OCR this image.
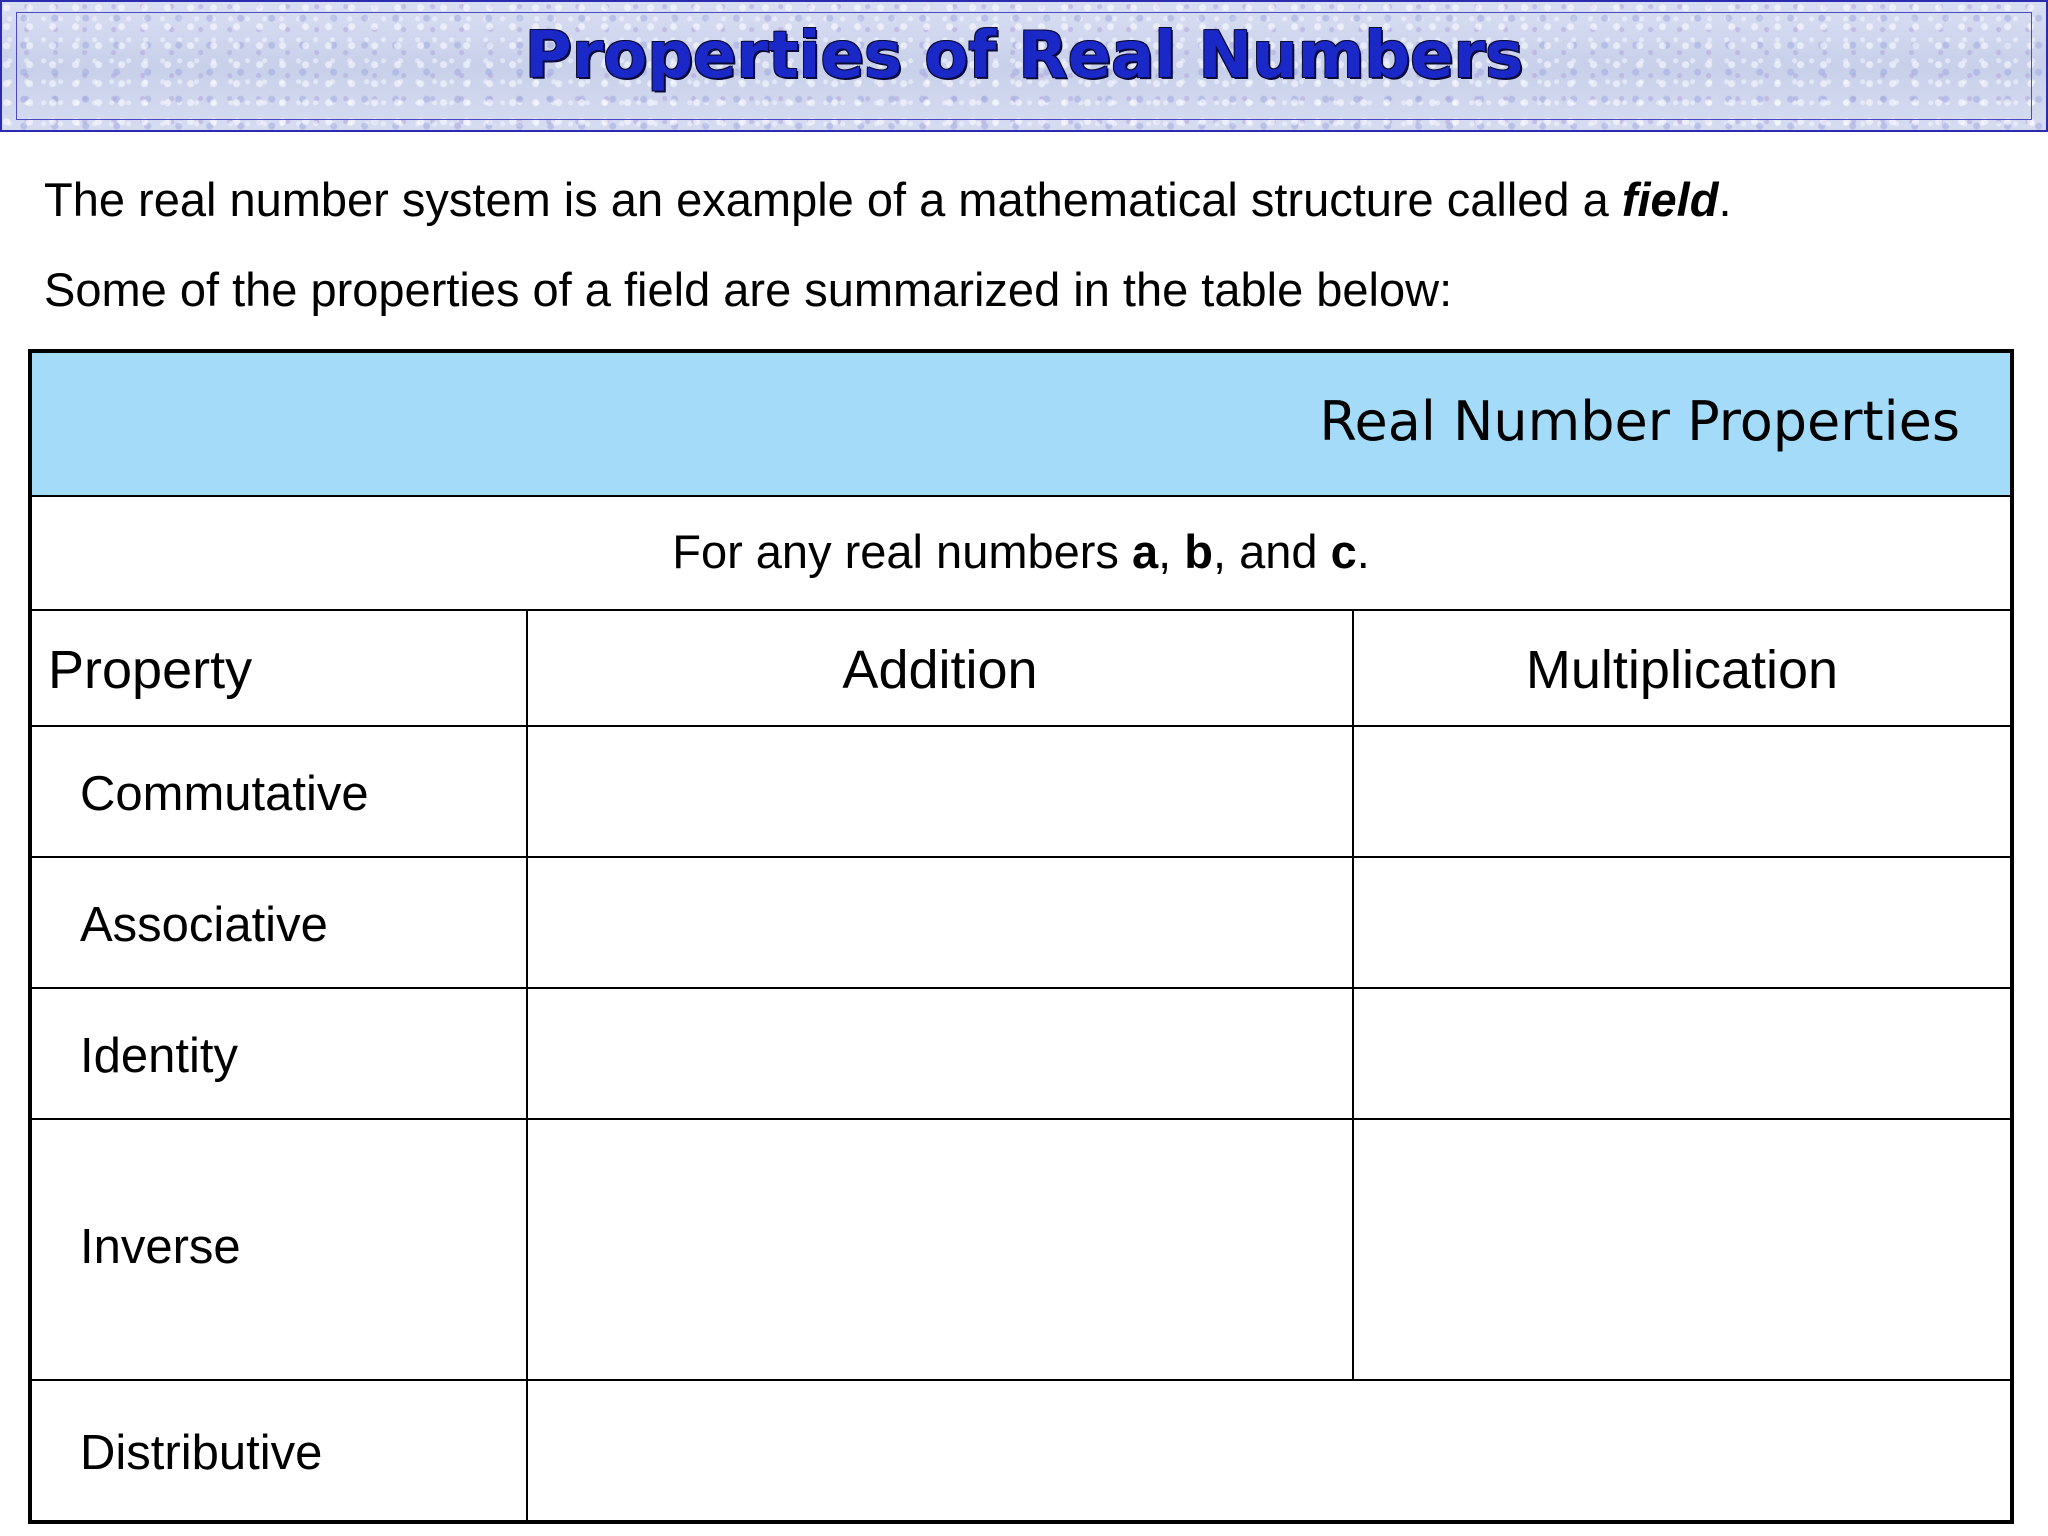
Properties of Real Numbers

The real number system is an example of a mathematical structure called a field.

Some of the properties of a field are summarized in the table below:

Real Number Properties
For any real numbers a, b, and c.
Property	Addition	Multiplication
Commutative
Associative
Identity
Inverse
Distributive
